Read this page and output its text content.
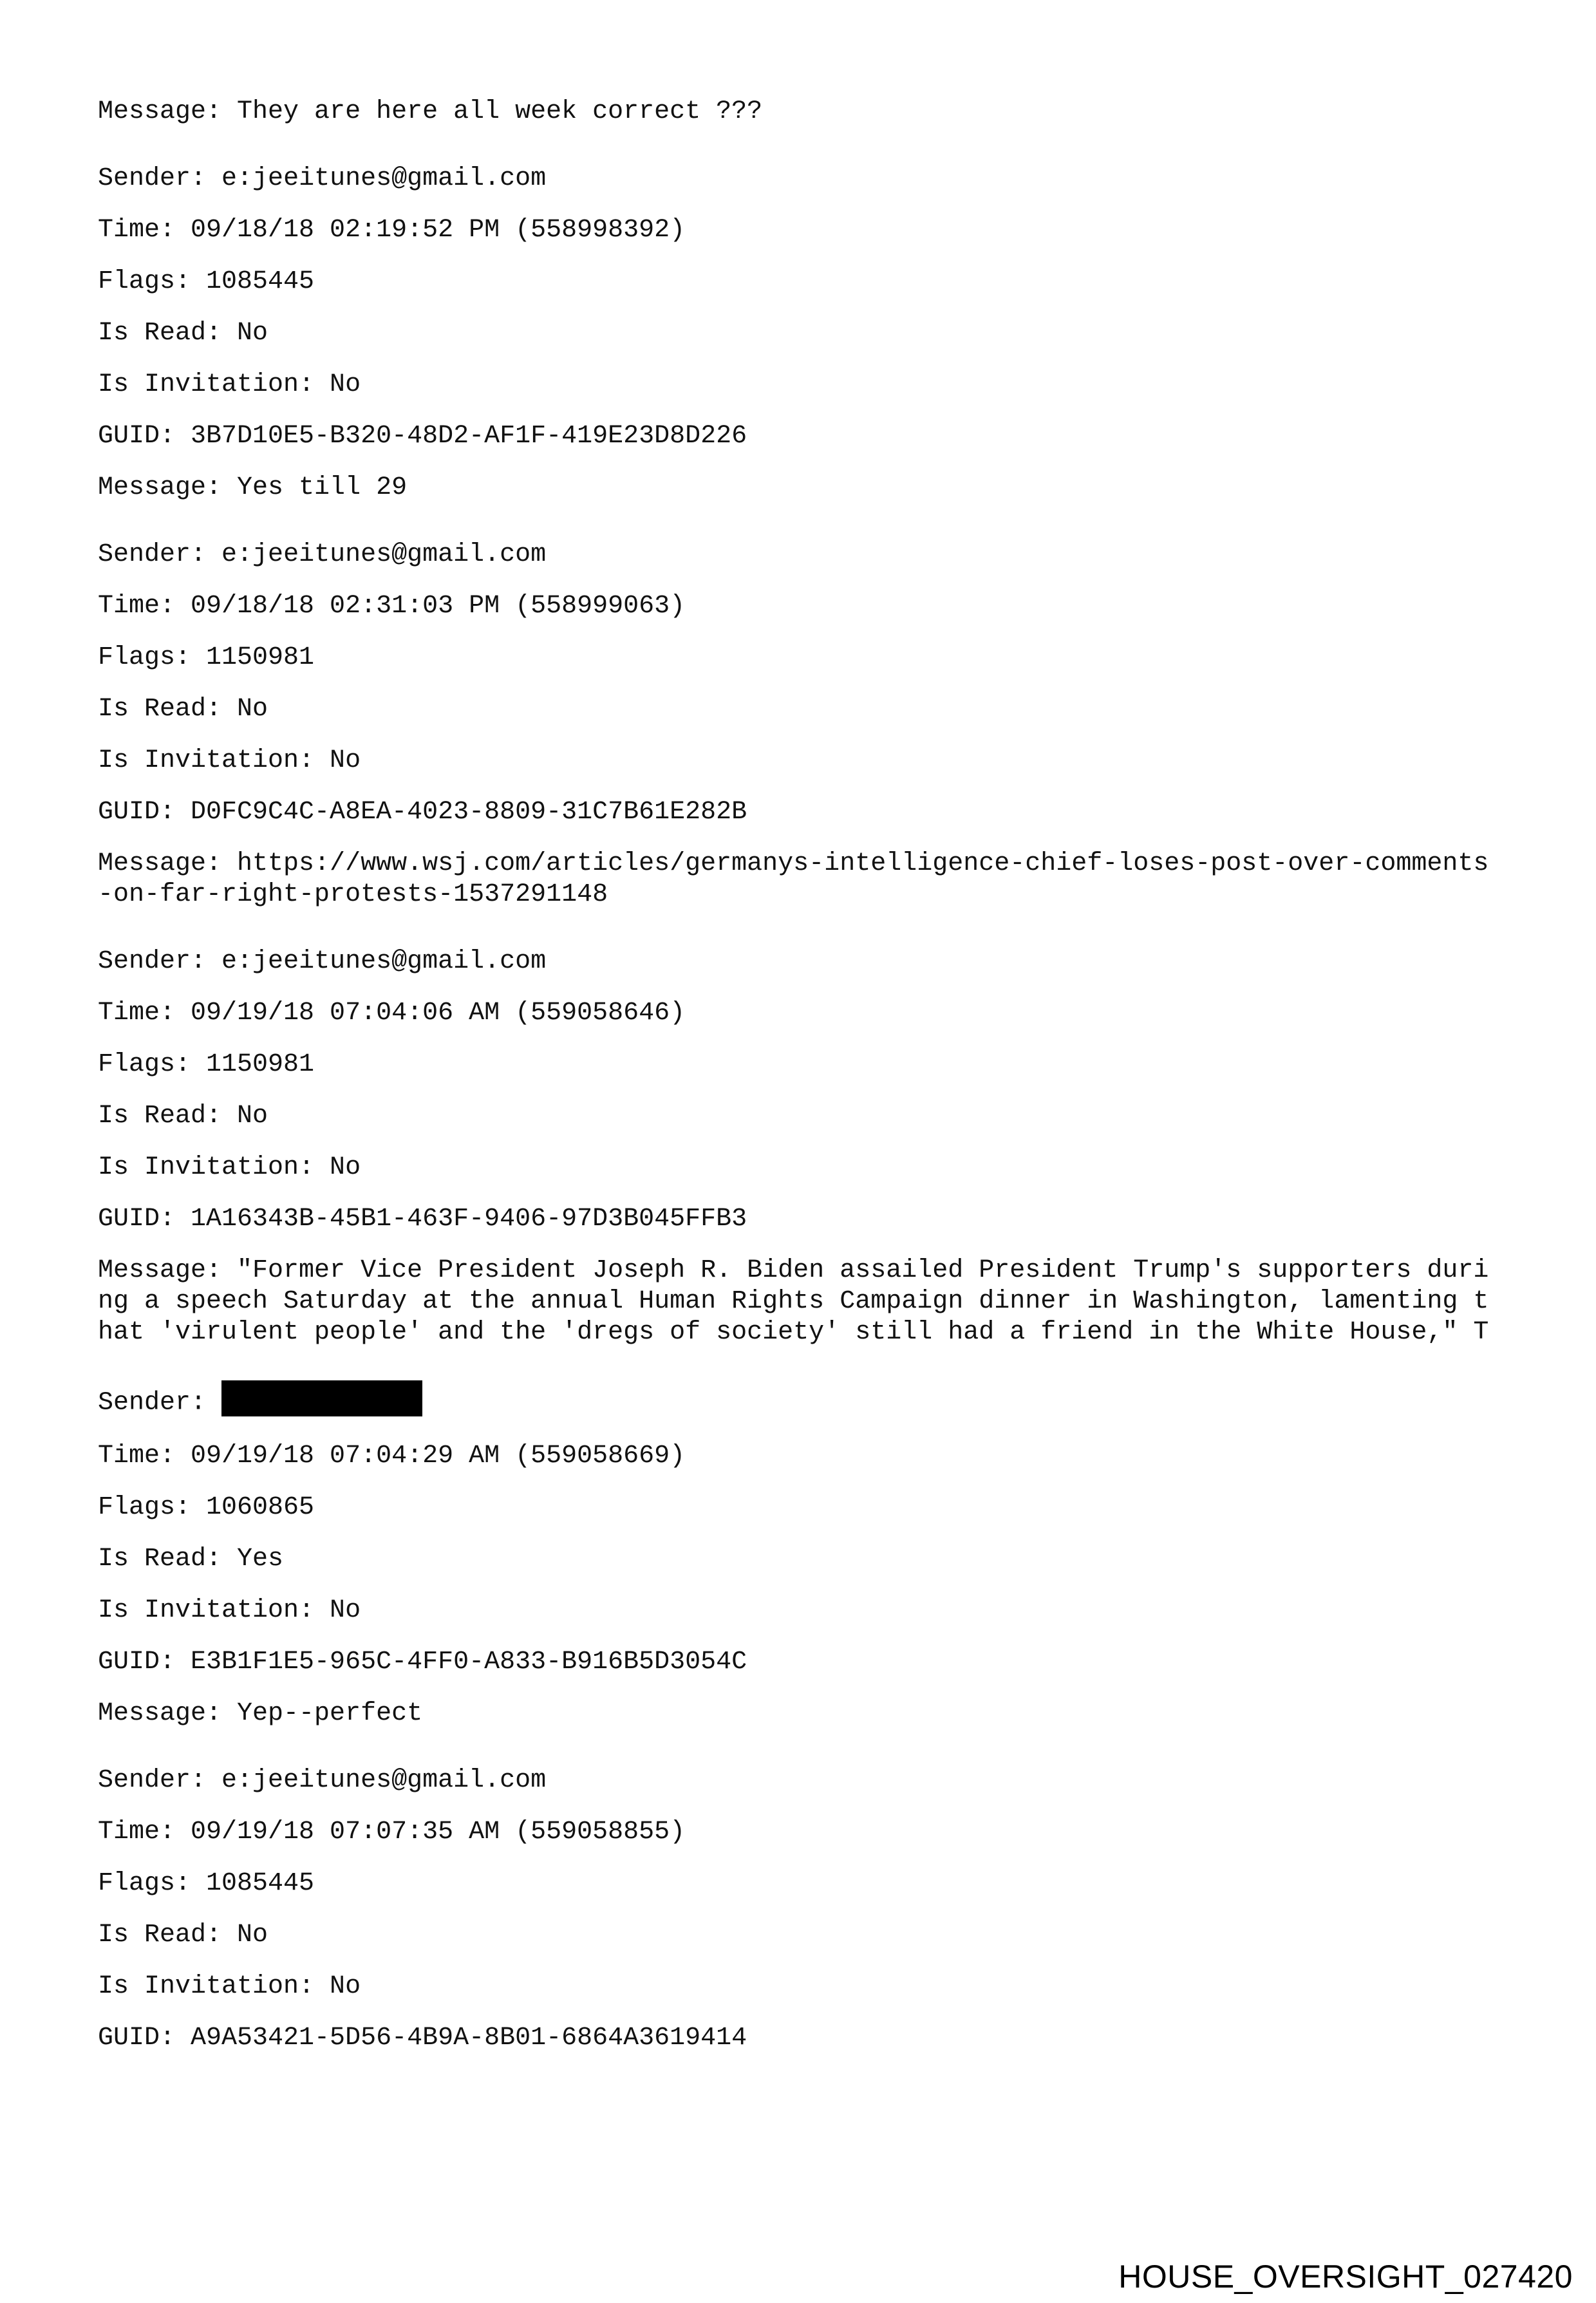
Message: They are here all week correct ???
Sender: e:jeeitunes@gmail.com
Time: 09/18/18 02:19:52 PM (558998392)
Flags: 1085445
Is Read: No
Is Invitation: No
GUID: 3B7D10E5-B320-48D2-AF1F-419E23D8D226
Message: Yes till 29
Sender: e:jeeitunes@gmail.com
Time: 09/18/18 02:31:03 PM (558999063)
Flags: 1150981
Is Read: No
Is Invitation: No
GUID: D0FC9C4C-A8EA-4023-8809-31C7B61E282B
Message: https://www.wsj.com/articles/germanys-intelligence-chief-loses-post-over-comments-on-far-right-protests-1537291148
Sender: e:jeeitunes@gmail.com
Time: 09/19/18 07:04:06 AM (559058646)
Flags: 1150981
Is Read: No
Is Invitation: No
GUID: 1A16343B-45B1-463F-9406-97D3B045FFB3
Message: "Former Vice President Joseph R. Biden assailed President Trump's supporters during a speech Saturday at the annual Human Rights Campaign dinner in Washington, lamenting that 'virulent people' and the 'dregs of society' still had a friend in the White House," T
Sender:
Time: 09/19/18 07:04:29 AM (559058669)
Flags: 1060865
Is Read: Yes
Is Invitation: No
GUID: E3B1F1E5-965C-4FF0-A833-B916B5D3054C
Message: Yep--perfect
Sender: e:jeeitunes@gmail.com
Time: 09/19/18 07:07:35 AM (559058855)
Flags: 1085445
Is Read: No
Is Invitation: No
GUID: A9A53421-5D56-4B9A-8B01-6864A3619414
HOUSE_OVERSIGHT_027420
